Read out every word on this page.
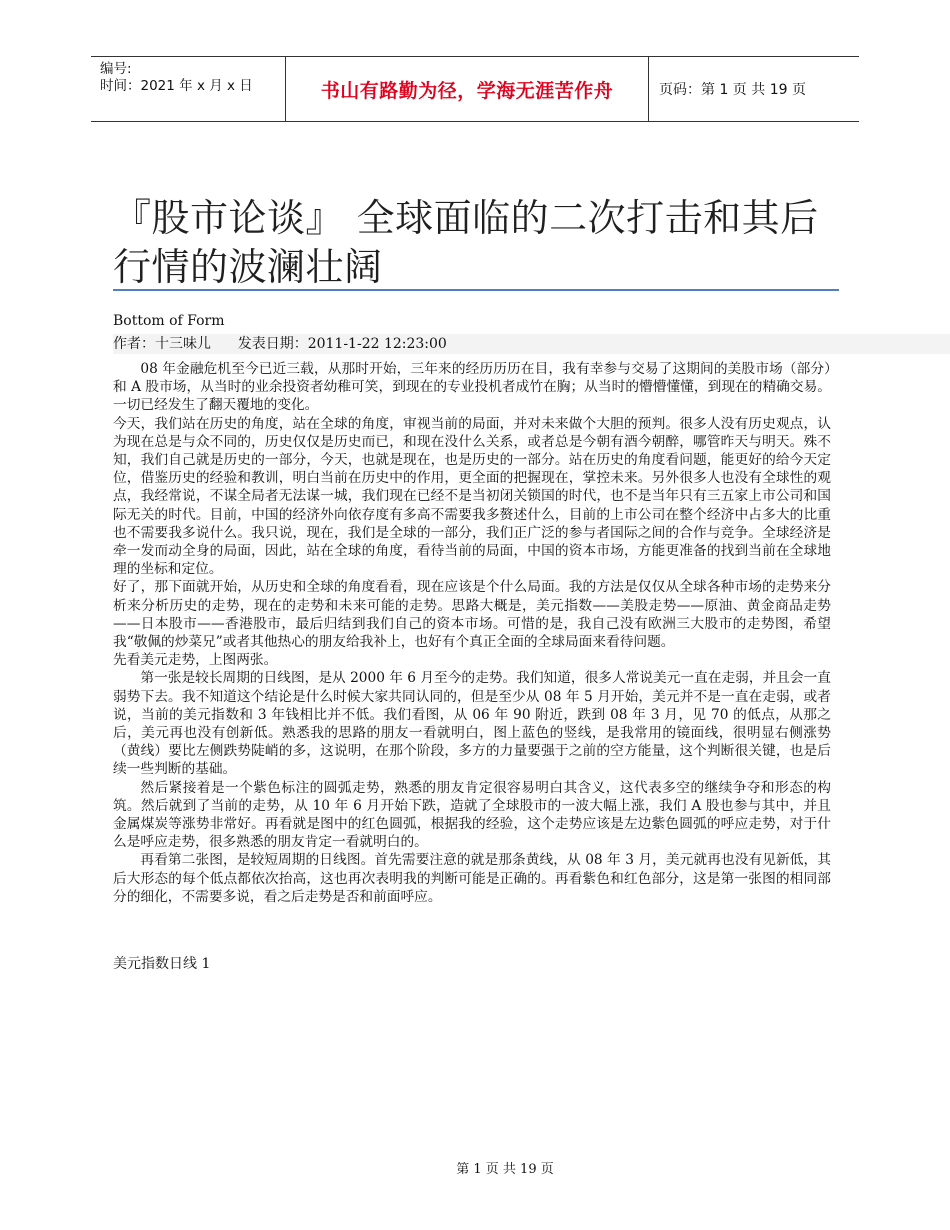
编号:
时间：2021 年 x 月 x 日	书山有路勤为径，学海无涯苦作舟	页码：第 1 页 共 19 页
『股市论谈』 全球面临的二次打击和其后行情的波澜壮阔
Bottom of Form
作者：十三味儿 发表日期：2011-1-22 12:23:00

08 年金融危机至今已近三载，从那时开始，三年来的经历历历在目，我有幸参与交易了这期间的美股市场（部分）和 A 股市场，从当时的业余投资者幼稚可笑，到现在的专业投机者成竹在胸；从当时的懵懵懂懂，到现在的精确交易。一切已经发生了翻天覆地的变化。

今天，我们站在历史的角度，站在全球的角度，审视当前的局面，并对未来做个大胆的预判。很多人没有历史观点，认为现在总是与众不同的，历史仅仅是历史而已，和现在没什么关系，或者总是今朝有酒今朝醉，哪管昨天与明天。殊不知，我们自己就是历史的一部分，今天，也就是现在，也是历史的一部分。站在历史的角度看问题，能更好的给今天定位，借鉴历史的经验和教训，明白当前在历史中的作用，更全面的把握现在，掌控未来。另外很多人也没有全球性的观点，我经常说，不谋全局者无法谋一城，我们现在已经不是当初闭关锁国的时代，也不是当年只有三五家上市公司和国际无关的时代。目前，中国的经济外向依存度有多高不需要我多赘述什么，目前的上市公司在整个经济中占多大的比重也不需要我多说什么。我只说，现在，我们是全球的一部分，我们正广泛的参与者国际之间的合作与竞争。全球经济是牵一发而动全身的局面，因此，站在全球的角度，看待当前的局面，中国的资本市场，方能更准备的找到当前在全球地理的坐标和定位。

好了，那下面就开始，从历史和全球的角度看看，现在应该是个什么局面。我的方法是仅仅从全球各种市场的走势来分析来分析历史的走势，现在的走势和未来可能的走势。思路大概是，美元指数——美股走势——原油、黄金商品走势——日本股市——香港股市，最后归结到我们自己的资本市场。可惜的是，我自己没有欧洲三大股市的走势图，希望我“敬佩的炒菜兄”或者其他热心的朋友给我补上，也好有个真正全面的全球局面来看待问题。

先看美元走势，上图两张。

第一张是较长周期的日线图，是从 2000 年 6 月至今的走势。我们知道，很多人常说美元一直在走弱，并且会一直弱势下去。我不知道这个结论是什么时候大家共同认同的，但是至少从 08 年 5 月开始，美元并不是一直在走弱，或者说，当前的美元指数和 3 年钱相比并不低。我们看图，从 06 年 90 附近，跌到 08 年 3 月，见 70 的低点，从那之后，美元再也没有创新低。熟悉我的思路的朋友一看就明白，图上蓝色的竖线，是我常用的镜面线，很明显右侧涨势（黄线）要比左侧跌势陡峭的多，这说明，在那个阶段，多方的力量要强于之前的空方能量，这个判断很关键，也是后续一些判断的基础。

然后紧接着是一个紫色标注的圆弧走势，熟悉的朋友肯定很容易明白其含义，这代表多空的继续争夺和形态的构筑。然后就到了当前的走势，从 10 年 6 月开始下跌，造就了全球股市的一波大幅上涨，我们 A 股也参与其中，并且金属煤炭等涨势非常好。再看就是图中的红色圆弧，根据我的经验，这个走势应该是左边紫色圆弧的呼应走势，对于什么是呼应走势，很多熟悉的朋友肯定一看就明白的。

再看第二张图，是较短周期的日线图。首先需要注意的就是那条黄线，从 08 年 3 月，美元就再也没有见新低，其后大形态的每个低点都依次抬高，这也再次表明我的判断可能是正确的。再看紫色和红色部分，这是第一张图的相同部分的细化，不需要多说，看之后走势是否和前面呼应。

美元指数日线 1
第 1 页 共 19 页
